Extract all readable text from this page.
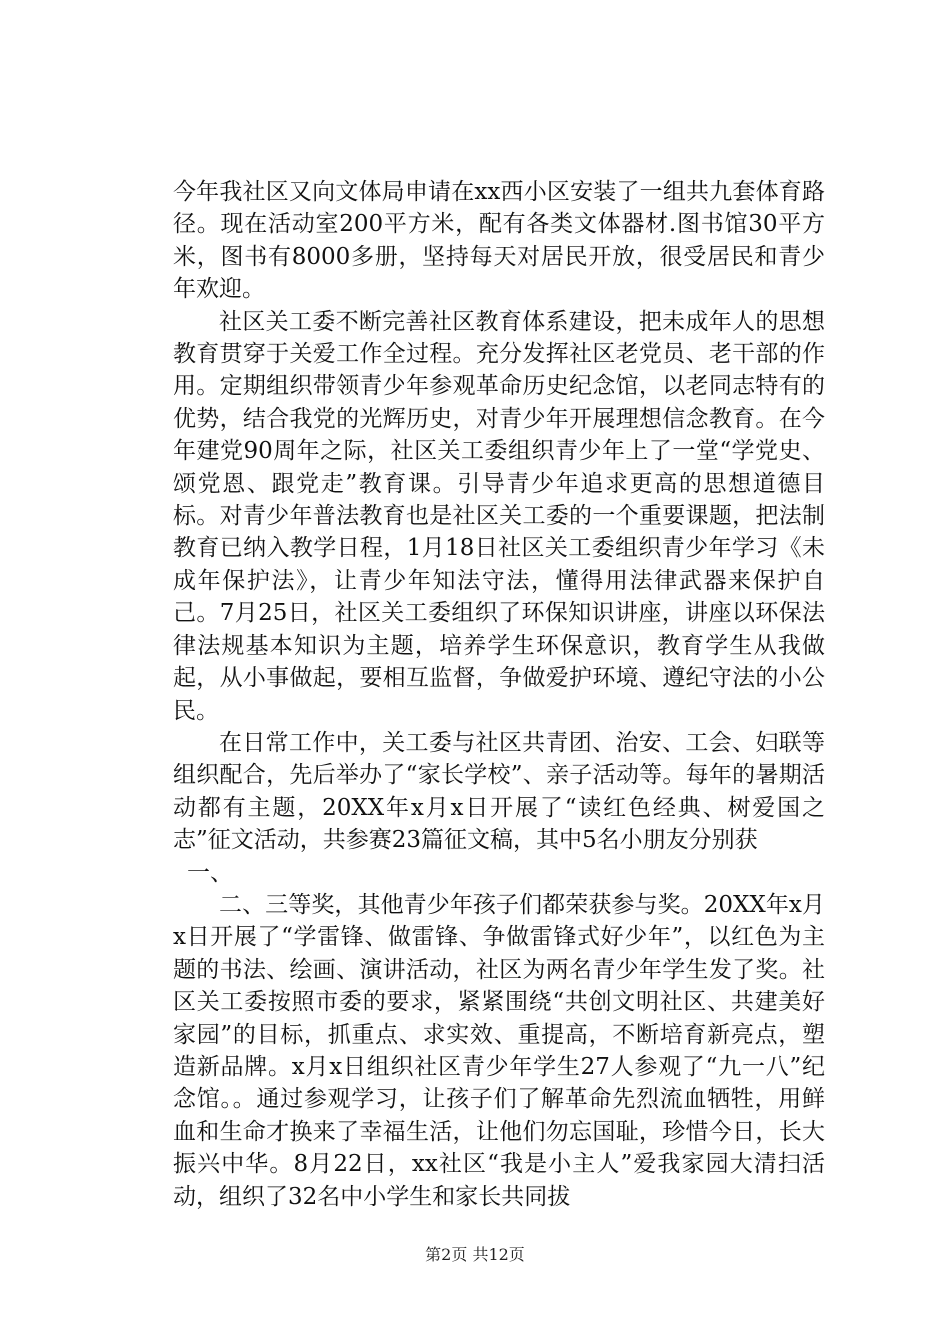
今年我社区又向文体局申请在xx西小区安装了一组共九套体育路径。现在活动室200平方米，配有各类文体器材.图书馆30平方米，图书有8000多册，坚持每天对居民开放，很受居民和青少年欢迎。

社区关工委不断完善社区教育体系建设，把未成年人的思想教育贯穿于关爱工作全过程。充分发挥社区老党员、老干部的作用。定期组织带领青少年参观革命历史纪念馆，以老同志特有的优势，结合我党的光辉历史，对青少年开展理想信念教育。在今年建党90周年之际，社区关工委组织青少年上了一堂“学党史、颂党恩、跟党走”教育课。引导青少年追求更高的思想道德目标。对青少年普法教育也是社区关工委的一个重要课题，把法制教育已纳入教学日程，1月18日社区关工委组织青少年学习《未成年保护法》，让青少年知法守法，懂得用法律武器来保护自己。7月25日，社区关工委组织了环保知识讲座，讲座以环保法律法规基本知识为主题，培养学生环保意识，教育学生从我做起，从小事做起，要相互监督，争做爱护环境、遵纪守法的小公民。

在日常工作中，关工委与社区共青团、治安、工会、妇联等组织配合，先后举办了“家长学校”、亲子活动等。每年的暑期活动都有主题，20XX年x月x日开展了“读红色经典、树爱国之志”征文活动，共参赛23篇征文稿，其中5名小朋友分别获

一、

二、三等奖，其他青少年孩子们都荣获参与奖。20XX年x月x日开展了“学雷锋、做雷锋、争做雷锋式好少年”，以红色为主题的书法、绘画、演讲活动，社区为两名青少年学生发了奖。社区关工委按照市委的要求，紧紧围绕“共创文明社区、共建美好家园”的目标，抓重点、求实效、重提高，不断培育新亮点，塑造新品牌。x月x日组织社区青少年学生27人参观了“九一八”纪念馆。。通过参观学习，让孩子们了解革命先烈流血牺牲，用鲜血和生命才换来了幸福生活，让他们勿忘国耻，珍惜今日，长大振兴中华。8月22日，xx社区“我是小主人”爱我家园大清扫活动，组织了32名中小学生和家长共同拔

第2页 共12页
